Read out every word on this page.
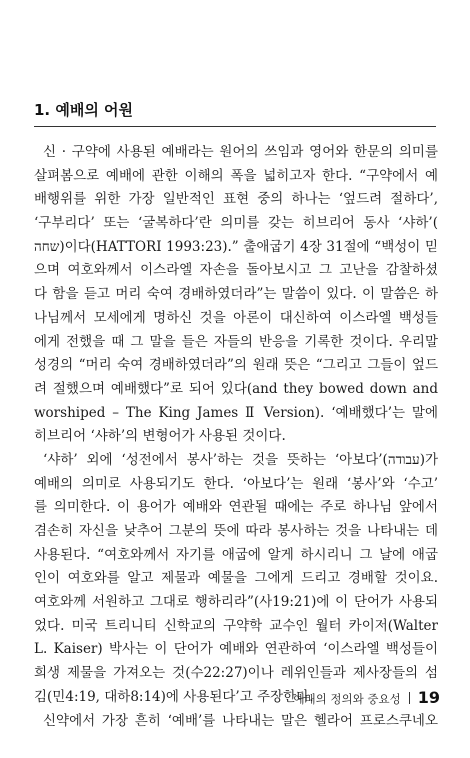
1. 예배의 어원
신 · 구약에 사용된 예배라는 원어의 쓰임과 영어와 한문의 의미를
살펴봄으로 예배에 관한 이해의 폭을 넓히고자 한다. “구약에서 예
배행위를 위한 가장 일반적인 표현 중의 하나는 ‘엎드려 절하다’,
‘구부리다’ 또는 ‘굴복하다’란 의미를 갖는 히브리어 동사 ‘샤하’(
שחה)이다(HATTORI 1993:23).” 출애굽기 4장 31절에 “백성이 믿
으며 여호와께서 이스라엘 자손을 돌아보시고 그 고난을 감찰하셨
다 함을 듣고 머리 숙여 경배하였더라”는 말씀이 있다. 이 말씀은 하
나님께서 모세에게 명하신 것을 아론이 대신하여 이스라엘 백성들
에게 전했을 때 그 말을 들은 자들의 반응을 기록한 것이다. 우리말
성경의 “머리 숙여 경배하였더라”의 원래 뜻은 “그리고 그들이 엎드
려 절했으며 예배했다”로 되어 있다(and they bowed down and
worshiped – The King James Ⅱ Version). ‘예배했다’는 말에
히브리어 ‘샤하’의 변형어가 사용된 것이다.
‘샤하’ 외에 ‘성전에서 봉사’하는 것을 뜻하는 ‘아보다’(עבודה)가
예배의 의미로 사용되기도 한다. ‘아보다’는 원래 ‘봉사’와 ‘수고’
를 의미한다. 이 용어가 예배와 연관될 때에는 주로 하나님 앞에서
겸손히 자신을 낮추어 그분의 뜻에 따라 봉사하는 것을 나타내는 데
사용된다. “여호와께서 자기를 애굽에 알게 하시리니 그 날에 애굽
인이 여호와를 알고 제물과 예물을 그에게 드리고 경배할 것이요.
여호와께 서원하고 그대로 행하리라”(사19:21)에 이 단어가 사용되
었다. 미국 트리니티 신학교의 구약학 교수인 월터 카이저(Walter
L. Kaiser) 박사는 이 단어가 예배와 연관하여 ‘이스라엘 백성들이
희생 제물을 가져오는 것(수22:27)이나 레위인들과 제사장들의 섬
김(민4:19, 대하8:14)에 사용된다’고 주장한다.
신약에서 가장 흔히 ‘예배’를 나타내는 말은 헬라어 프로스쿠네오
예배의 정의와 중요성 19
